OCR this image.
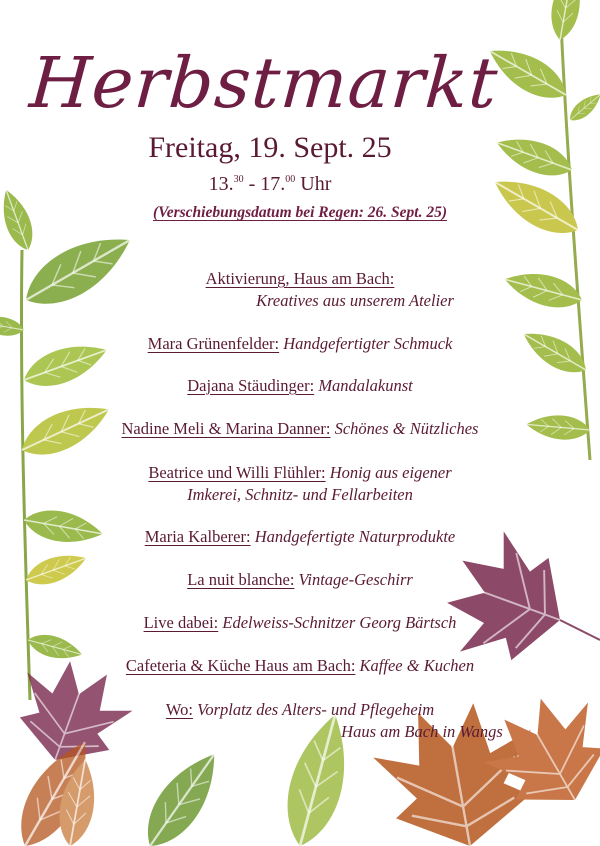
Herbstmarkt
Freitag, 19. Sept. 25
13.30 - 17.00 Uhr
(Verschiebungsdatum bei Regen: 26. Sept. 25)
Aktivierung, Haus am Bach:
Kreatives aus unserem Atelier
Mara Grünenfelder: Handgefertigter Schmuck
Dajana Stäudinger: Mandalakunst
Nadine Meli & Marina Danner: Schönes & Nützliches
Beatrice und Willi Flühler: Honig aus eigener
Imkerei, Schnitz- und Fellarbeiten
Maria Kalberer: Handgefertigte Naturprodukte
La nuit blanche: Vintage-Geschirr
Live dabei: Edelweiss-Schnitzer Georg Bärtsch
Cafeteria & Küche Haus am Bach: Kaffee & Kuchen
Wo: Vorplatz des Alters- und Pflegeheim
Haus am Bach in Wangs
